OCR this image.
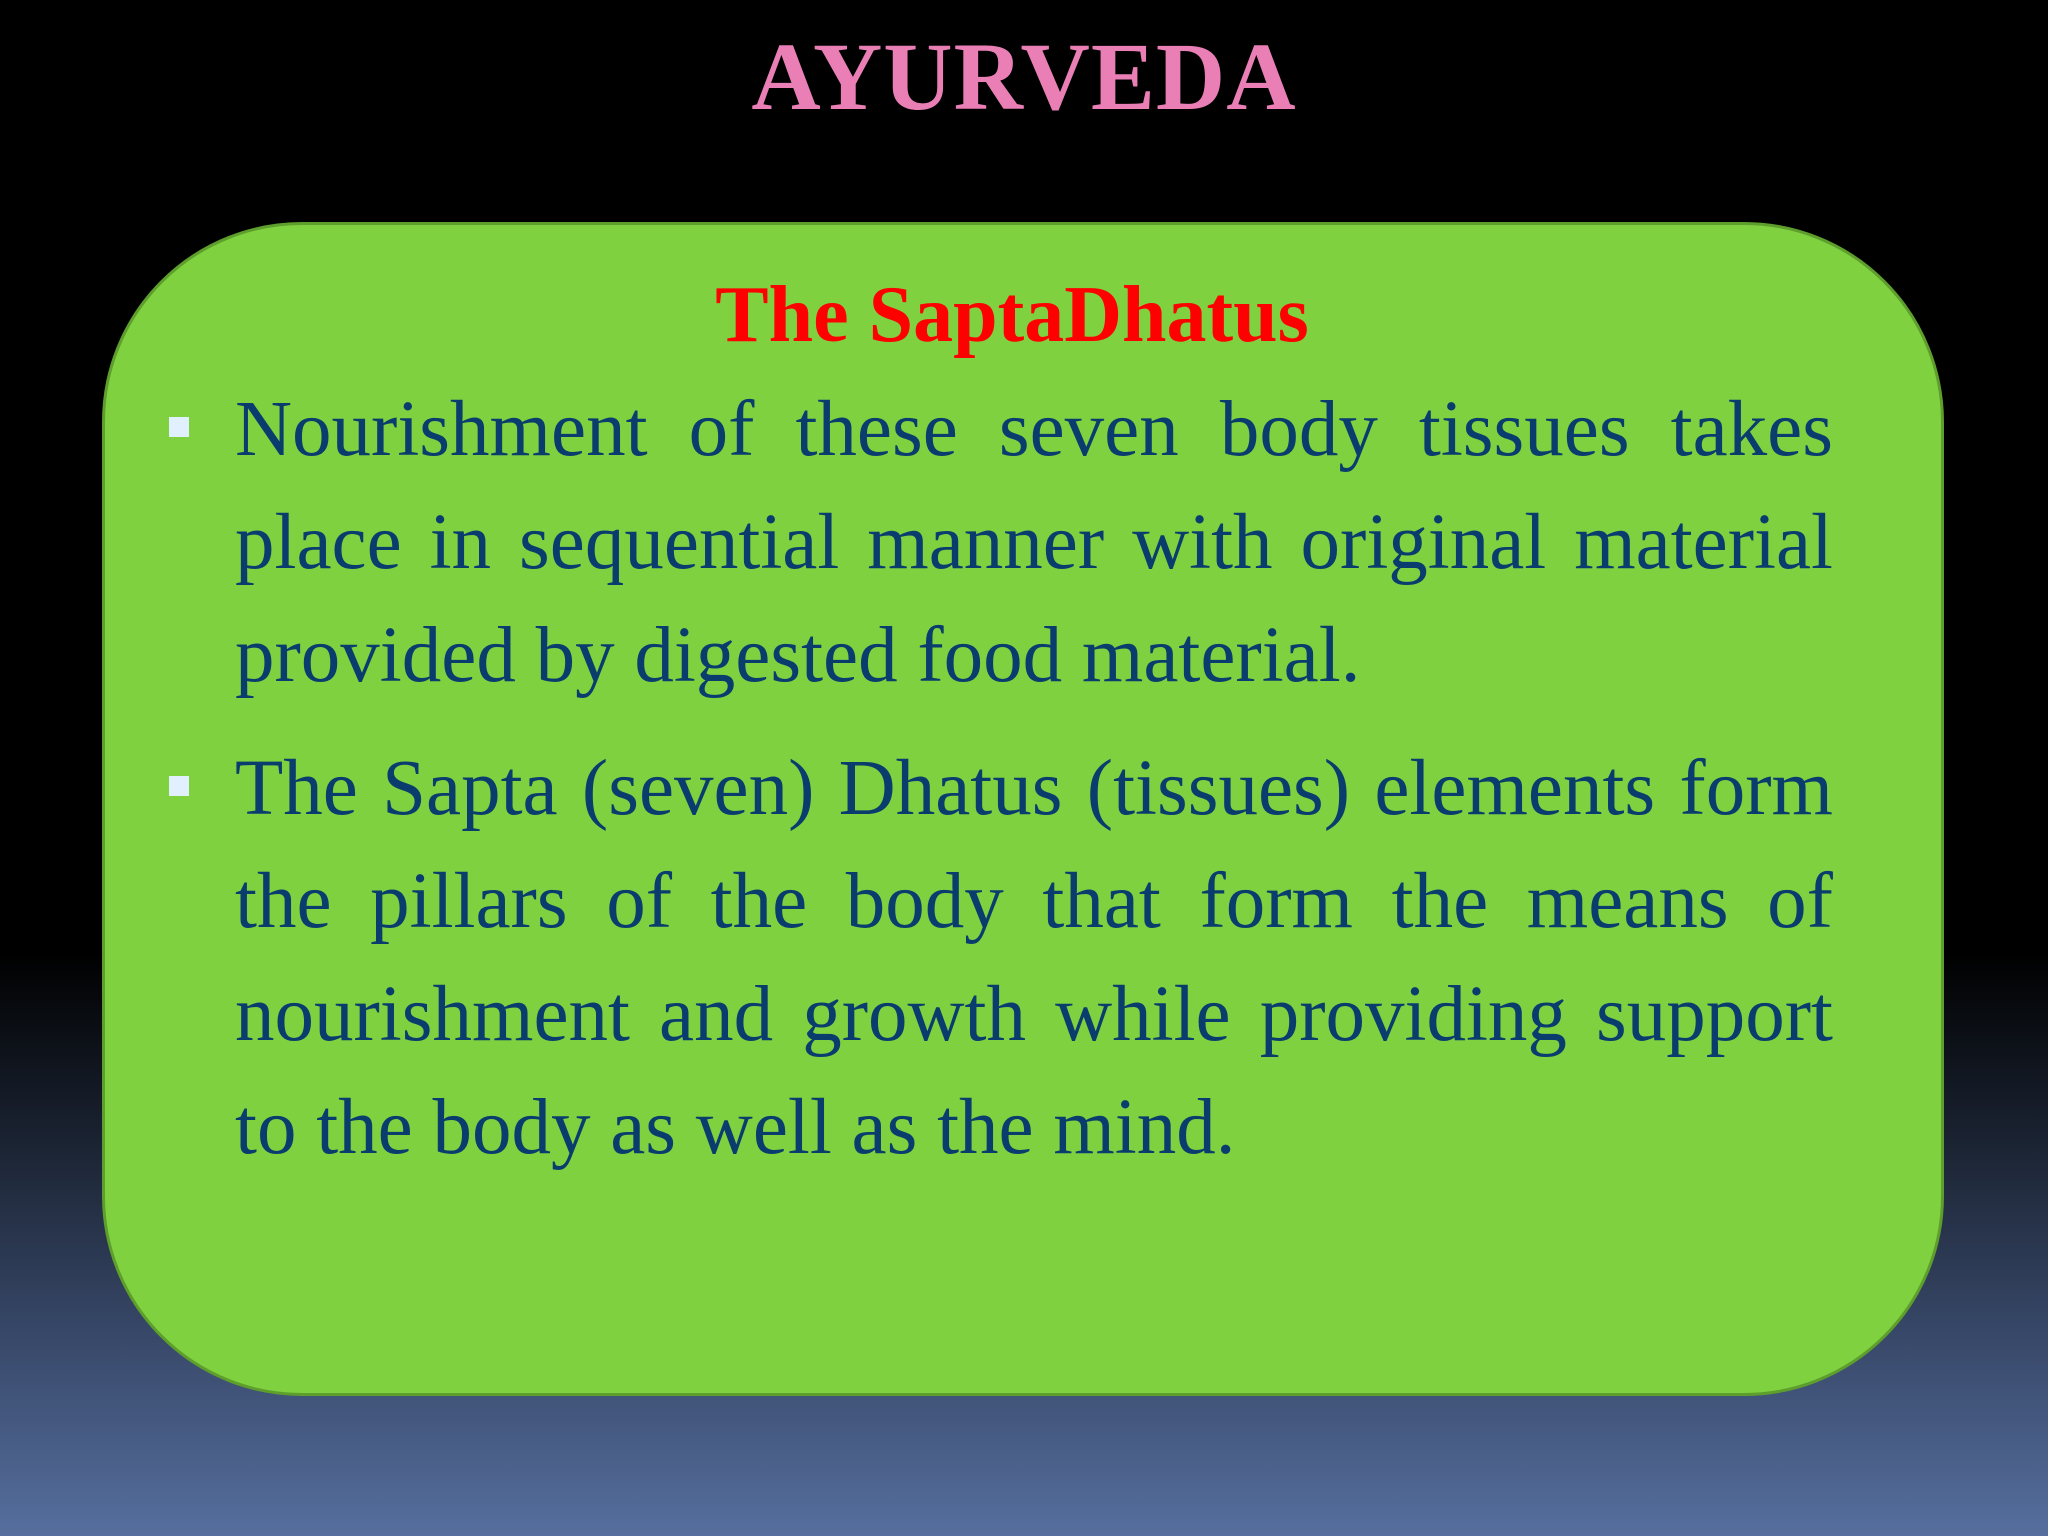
AYURVEDA
The SaptaDhatus
Nourishment of these seven body tissues takes place in sequential manner with original material provided by digested food material.
The Sapta (seven) Dhatus (tissues) elements form the pillars of the body that form the means of nourishment and growth while providing support to the body as well as the mind.
